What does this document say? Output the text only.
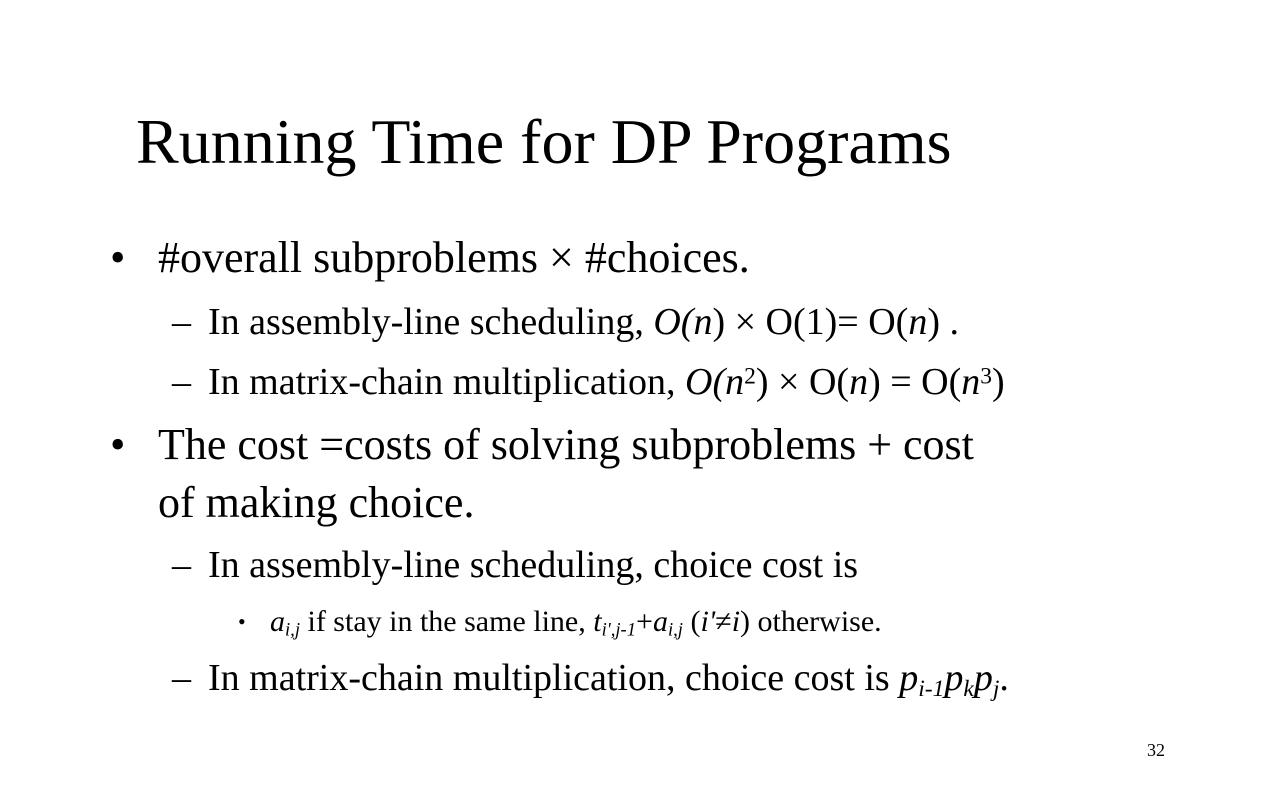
Running Time for DP Programs
• #overall subproblems × #choices.
– In assembly-line scheduling, O(n) × O(1)= O(n) .
– In matrix-chain multiplication, $O(n^2) \times O(n) = O(n^3)$
• The cost =costs of solving subproblems + cost
of making choice.
– In assembly-line scheduling, choice cost is
• $a_{i,j}$ if stay in the same line, $t_{i',j-1}+a_{i,j}$ (i'≠i) otherwise.
– In matrix-chain multiplication, choice cost is $p_{i-1}p_kp_j$.
32
